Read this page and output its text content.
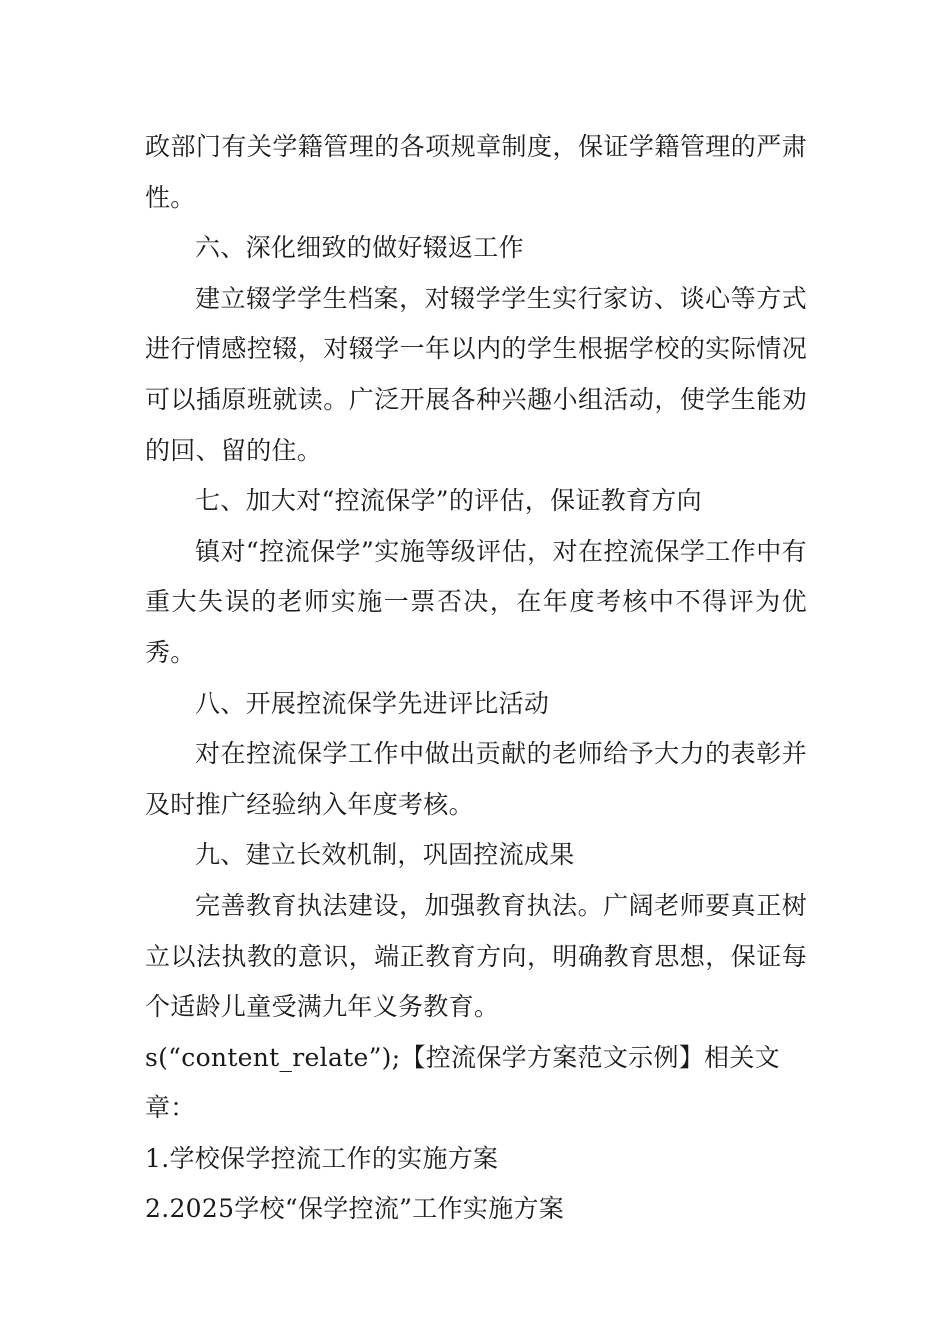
政部门有关学籍管理的各项规章制度，保证学籍管理的严肃性。

六、深化细致的做好辍返工作

建立辍学学生档案，对辍学学生实行家访、谈心等方式进行情感控辍，对辍学一年以内的学生根据学校的实际情况可以插原班就读。广泛开展各种兴趣小组活动，使学生能劝的回、留的住。

七、加大对“控流保学”的评估，保证教育方向

镇对“控流保学”实施等级评估，对在控流保学工作中有重大失误的老师实施一票否决，在年度考核中不得评为优秀。

八、开展控流保学先进评比活动

对在控流保学工作中做出贡献的老师给予大力的表彰并及时推广经验纳入年度考核。

九、建立长效机制，巩固控流成果

完善教育执法建设，加强教育执法。广阔老师要真正树立以法执教的意识，端正教育方向，明确教育思想，保证每个适龄儿童受满九年义务教育。

s(“content_relate”);【控流保学方案范文示例】相关文章：

1.学校保学控流工作的实施方案
2.2025学校“保学控流”工作实施方案
